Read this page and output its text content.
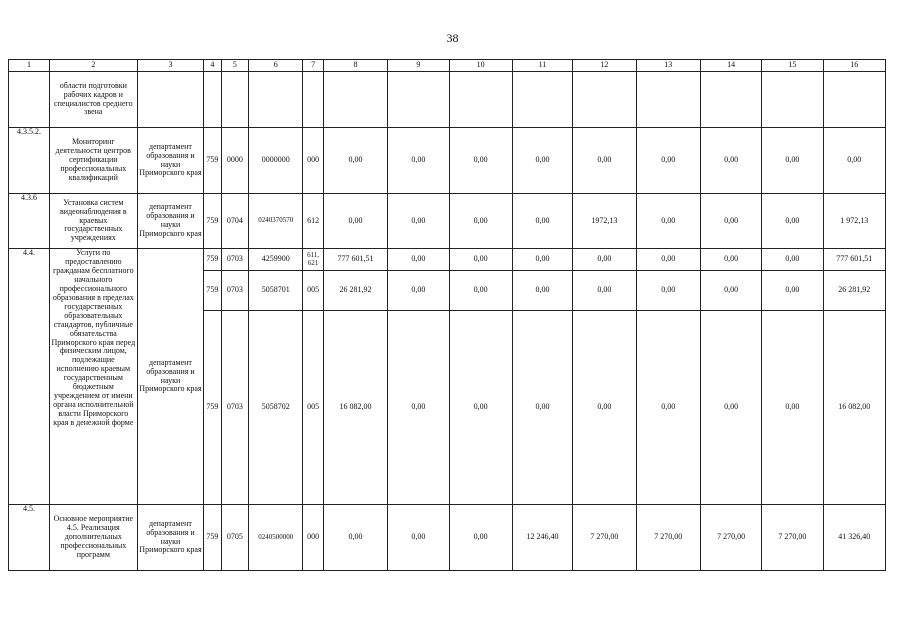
38
1	2	3	4	5	6	7	8	9	10	11	12	13	14	15	16
	области подготовки рабочих кадров и специалистов среднего звена														
4.3.5.2.	Мониторинг деятельности центров сертификации профессиональных квалификаций	департамент образования и науки Приморского края	759	0000	0000000	000	0,00	0,00	0,00	0,00	0,00	0,00	0,00	0,00	0,00
4.3.6	Установка систем видеонаблюдения в краевых государственных учреждениях	департамент образования и науки Приморского края	759	0704	0240370570	612	0,00	0,00	0,00	0,00	1972,13	0,00	0,00	0,00	1 972,13
4.4.	Услуги по предоставлению гражданам бесплатного начального профессионального образования в пределах государственных образовательных стандартов, публичные обязательства Приморского края перед физическим лицом, подлежащие исполнению краевым государственным бюджетным учреждением от имени органа исполнительной власти Приморского края в денежной форме	департамент образования и науки Приморского края	759	0703	4259900	611, 621	777 601,51	0,00	0,00	0,00	0,00	0,00	0,00	0,00	777 601,51
			759	0703	5058701	005	26 281,92	0,00	0,00	0,00	0,00	0,00	0,00	0,00	26 281,92
			759	0703	5058702	005	16 082,00	0,00	0,00	0,00	0,00	0,00	0,00	0,00	16 082,00
4.5.	Основное мероприятие 4.5. Реализация дополнительных профессиональных программ	департамент образования и науки Приморского края	759	0705	0240500000	000	0,00	0,00	0,00	12 246,40	7 270,00	7 270,00	7 270,00	7 270,00	41 326,40
